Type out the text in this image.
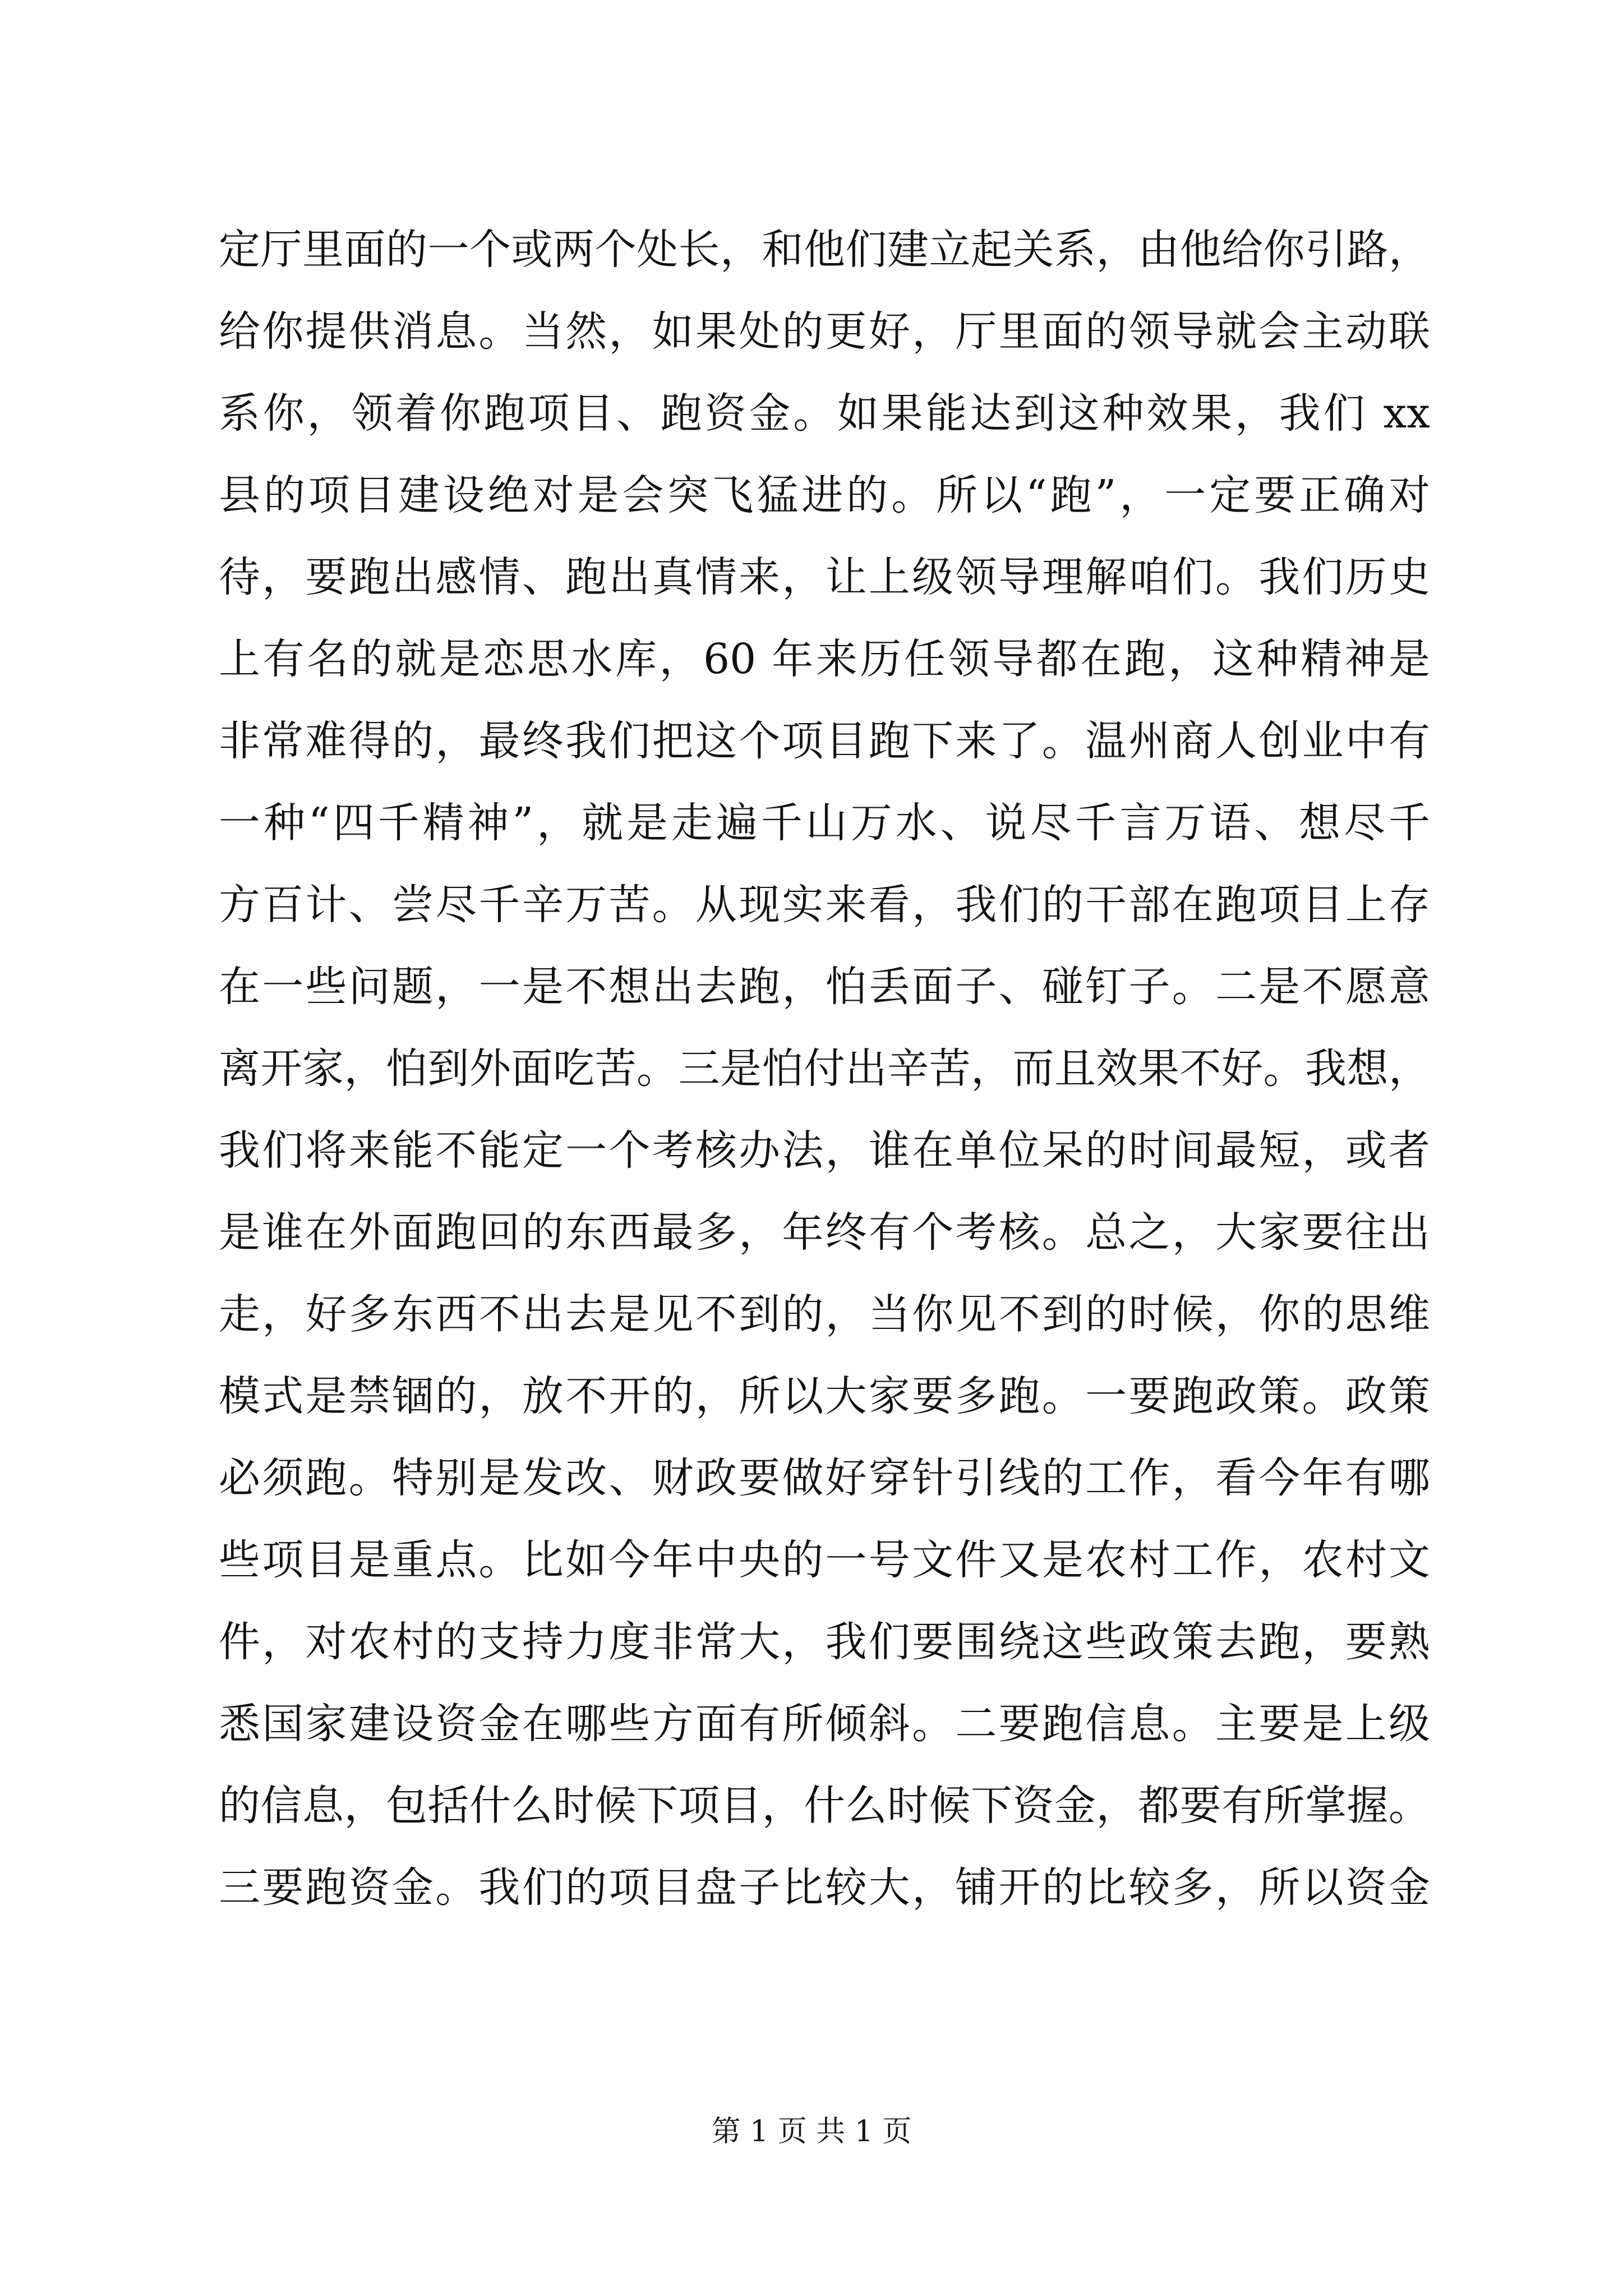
定厅里面的一个或两个处长，和他们建立起关系，由他给你引路，
给你提供消息。当然，如果处的更好，厅里面的领导就会主动联
系你，领着你跑项目、跑资金。如果能达到这种效果，我们 xx
县的项目建设绝对是会突飞猛进的。所以“跑”，一定要正确对
待，要跑出感情、跑出真情来，让上级领导理解咱们。我们历史
上有名的就是恋思水库，60 年来历任领导都在跑，这种精神是
非常难得的，最终我们把这个项目跑下来了。温州商人创业中有
一种“四千精神”，就是走遍千山万水、说尽千言万语、想尽千
方百计、尝尽千辛万苦。从现实来看，我们的干部在跑项目上存
在一些问题，一是不想出去跑，怕丢面子、碰钉子。二是不愿意
离开家，怕到外面吃苦。三是怕付出辛苦，而且效果不好。我想，
我们将来能不能定一个考核办法，谁在单位呆的时间最短，或者
是谁在外面跑回的东西最多，年终有个考核。总之，大家要往出
走，好多东西不出去是见不到的，当你见不到的时候，你的思维
模式是禁锢的，放不开的，所以大家要多跑。一要跑政策。政策
必须跑。特别是发改、财政要做好穿针引线的工作，看今年有哪
些项目是重点。比如今年中央的一号文件又是农村工作，农村文
件，对农村的支持力度非常大，我们要围绕这些政策去跑，要熟
悉国家建设资金在哪些方面有所倾斜。二要跑信息。主要是上级
的信息，包括什么时候下项目，什么时候下资金，都要有所掌握。
三要跑资金。我们的项目盘子比较大，铺开的比较多，所以资金
第 1 页 共 1 页
